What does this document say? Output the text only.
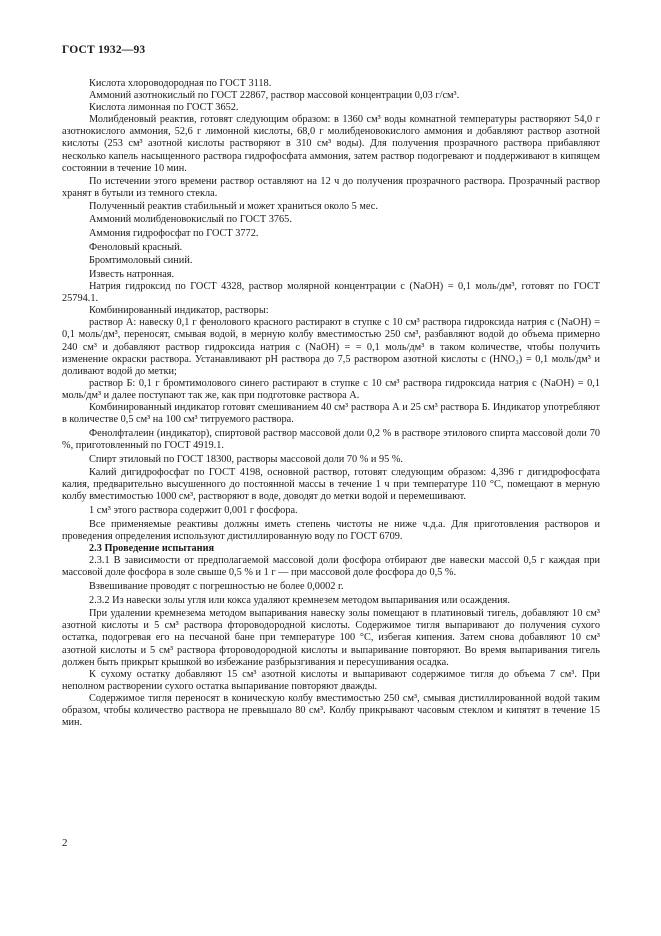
ГОСТ 1932—93

Кислота хлороводородная по ГОСТ 3118.

Аммоний азотнокислый по ГОСТ 22867, раствор массовой концентрации 0,03 г/см³.

Кислота лимонная по ГОСТ 3652.

Молибденовый реактив, готовят следующим образом: в 1360 см³ воды комнатной температуры растворяют 54,0 г азотнокислого аммония, 52,6 г лимонной кислоты, 68,0 г молибденовокислого аммония и добавляют раствор азотной кислоты (253 см³ азотной кислоты растворяют в 310 см³ воды). Для получения прозрачного раствора прибавляют несколько капель насыщенного раствора гидрофосфата аммония, затем раствор подогревают и поддерживают в кипящем состоянии в течение 10 мин.

По истечении этого времени раствор оставляют на 12 ч до получения прозрачного раствора. Прозрачный раствор хранят в бутыли из темного стекла.

Полученный реактив стабильный и может храниться около 5 мес.

Аммоний молибденовокислый по ГОСТ 3765.

Аммония гидрофосфат по ГОСТ 3772.

Феноловый красный.

Бромтимоловый синий.

Известь натронная.

Натрия гидроксид по ГОСТ 4328, раствор молярной концентрации c (NaOH) = 0,1 моль/дм³, готовят по ГОСТ 25794.1.

Комбинированный индикатор, растворы:

раствор А: навеску 0,1 г фенолового красного растирают в ступке с 10 см³ раствора гидроксида натрия c (NaOH) = 0,1 моль/дм³, переносят, смывая водой, в мерную колбу вместимостью 250 см³, разбавляют водой до объема примерно 240 см³ и добавляют раствор гидроксида натрия c (NaOH) = = 0,1 моль/дм³ в таком количестве, чтобы получить изменение окраски раствора. Устанавливают pH раствора до 7,5 раствором азотной кислоты c (HNO₃) = 0,1 моль/дм³ и доливают водой до метки;

раствор Б: 0,1 г бромтимолового синего растирают в ступке с 10 см³ раствора гидроксида натрия c (NaOH) = 0,1 моль/дм³ и далее поступают так же, как при подготовке раствора А.

Комбинированный индикатор готовят смешиванием 40 см³ раствора А и 25 см³ раствора Б. Индикатор употребляют в количестве 0,5 см³ на 100 см³ титруемого раствора.

Фенолфталеин (индикатор), спиртовой раствор массовой доли 0,2 % в растворе этилового спирта массовой доли 70 %, приготовленный по ГОСТ 4919.1.

Спирт этиловый по ГОСТ 18300, растворы массовой доли 70 % и 95 %.

Калий дигидрофосфат по ГОСТ 4198, основной раствор, готовят следующим образом: 4,396 г дигидрофосфата калия, предварительно высушенного до постоянной массы в течение 1 ч при температуре 110 °С, помещают в мерную колбу вместимостью 1000 см³, растворяют в воде, доводят до метки водой и перемешивают.

1 см³ этого раствора содержит 0,001 г фосфора.

Все применяемые реактивы должны иметь степень чистоты не ниже ч.д.а. Для приготовления растворов и проведения определения используют дистиллированную воду по ГОСТ 6709.

2.3 Проведение испытания

2.3.1 В зависимости от предполагаемой массовой доли фосфора отбирают две навески массой 0,5 г каждая при массовой доле фосфора в золе свыше 0,5 % и 1 г — при массовой доле фосфора до 0,5 %.

Взвешивание проводят с погрешностью не более 0,0002 г.

2.3.2 Из навески золы угля или кокса удаляют кремнезем методом выпаривания или осаждения.

При удалении кремнезема методом выпаривания навеску золы помещают в платиновый тигель, добавляют 10 см³ азотной кислоты и 5 см³ раствора фтороводородной кислоты. Содержимое тигля выпаривают до получения сухого остатка, подогревая его на песчаной бане при температуре 100 °С, избегая кипения. Затем снова добавляют 10 см³ азотной кислоты и 5 см³ раствора фтороводородной кислоты и выпаривание повторяют. Во время выпаривания тигель должен быть прикрыт крышкой во избежание разбрызгивания и пересушивания осадка.

К сухому остатку добавляют 15 см³ азотной кислоты и выпаривают содержимое тигля до объема 7 см³. При неполном растворении сухого остатка выпаривание повторяют дважды.

Содержимое тигля переносят в коническую колбу вместимостью 250 см³, смывая дистиллированной водой таким образом, чтобы количество раствора не превышало 80 см³. Колбу прикрывают часовым стеклом и кипятят в течение 15 мин.

2
